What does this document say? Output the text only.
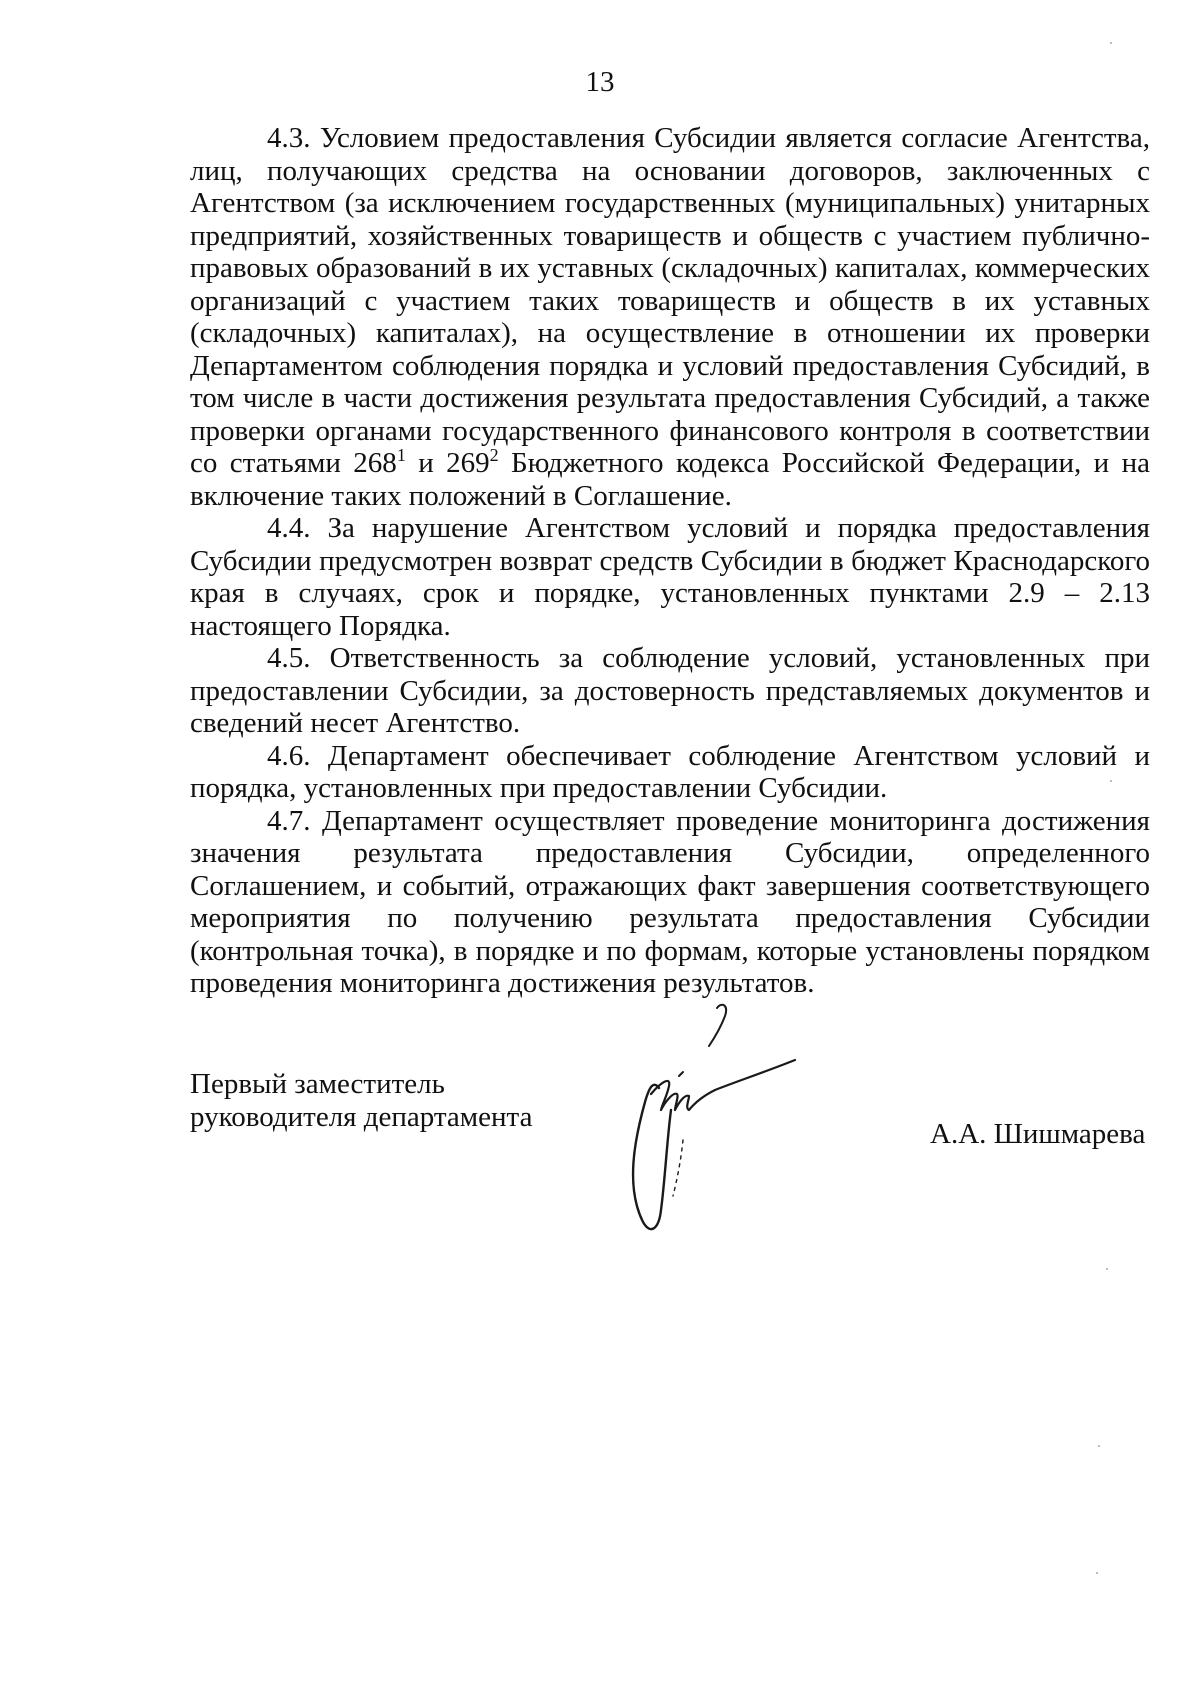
13

4.3. Условием предоставления Субсидии является согласие Агентства, лиц, получающих средства на основании договоров, заключенных с Агентством (за исключением государственных (муниципальных) унитарных предприятий, хозяйственных товариществ и обществ с участием публично-правовых образований в их уставных (складочных) капиталах, коммерческих организаций с участием таких товариществ и обществ в их уставных (складочных) капиталах), на осуществление в отношении их проверки Департаментом соблюдения порядка и условий предоставления Субсидий, в том числе в части достижения результата предоставления Субсидий, а также проверки органами государственного финансового контроля в соответствии со статьями $268^1$ и $269^2$ Бюджетного кодекса Российской Федерации, и на включение таких положений в Соглашение.

4.4. За нарушение Агентством условий и порядка предоставления Субсидии предусмотрен возврат средств Субсидии в бюджет Краснодарского края в случаях, срок и порядке, установленных пунктами 2.9 – 2.13 настоящего Порядка.

4.5. Ответственность за соблюдение условий, установленных при предоставлении Субсидии, за достоверность представляемых документов и сведений несет Агентство.

4.6. Департамент обеспечивает соблюдение Агентством условий и порядка, установленных при предоставлении Субсидии.

4.7. Департамент осуществляет проведение мониторинга достижения значения результата предоставления Субсидии, определенного Соглашением, и событий, отражающих факт завершения соответствующего мероприятия по получению результата предоставления Субсидии (контрольная точка), в порядке и по формам, которые установлены порядком проведения мониторинга достижения результатов.

Первый заместитель
руководителя департамента
А.А. Шишмарева
